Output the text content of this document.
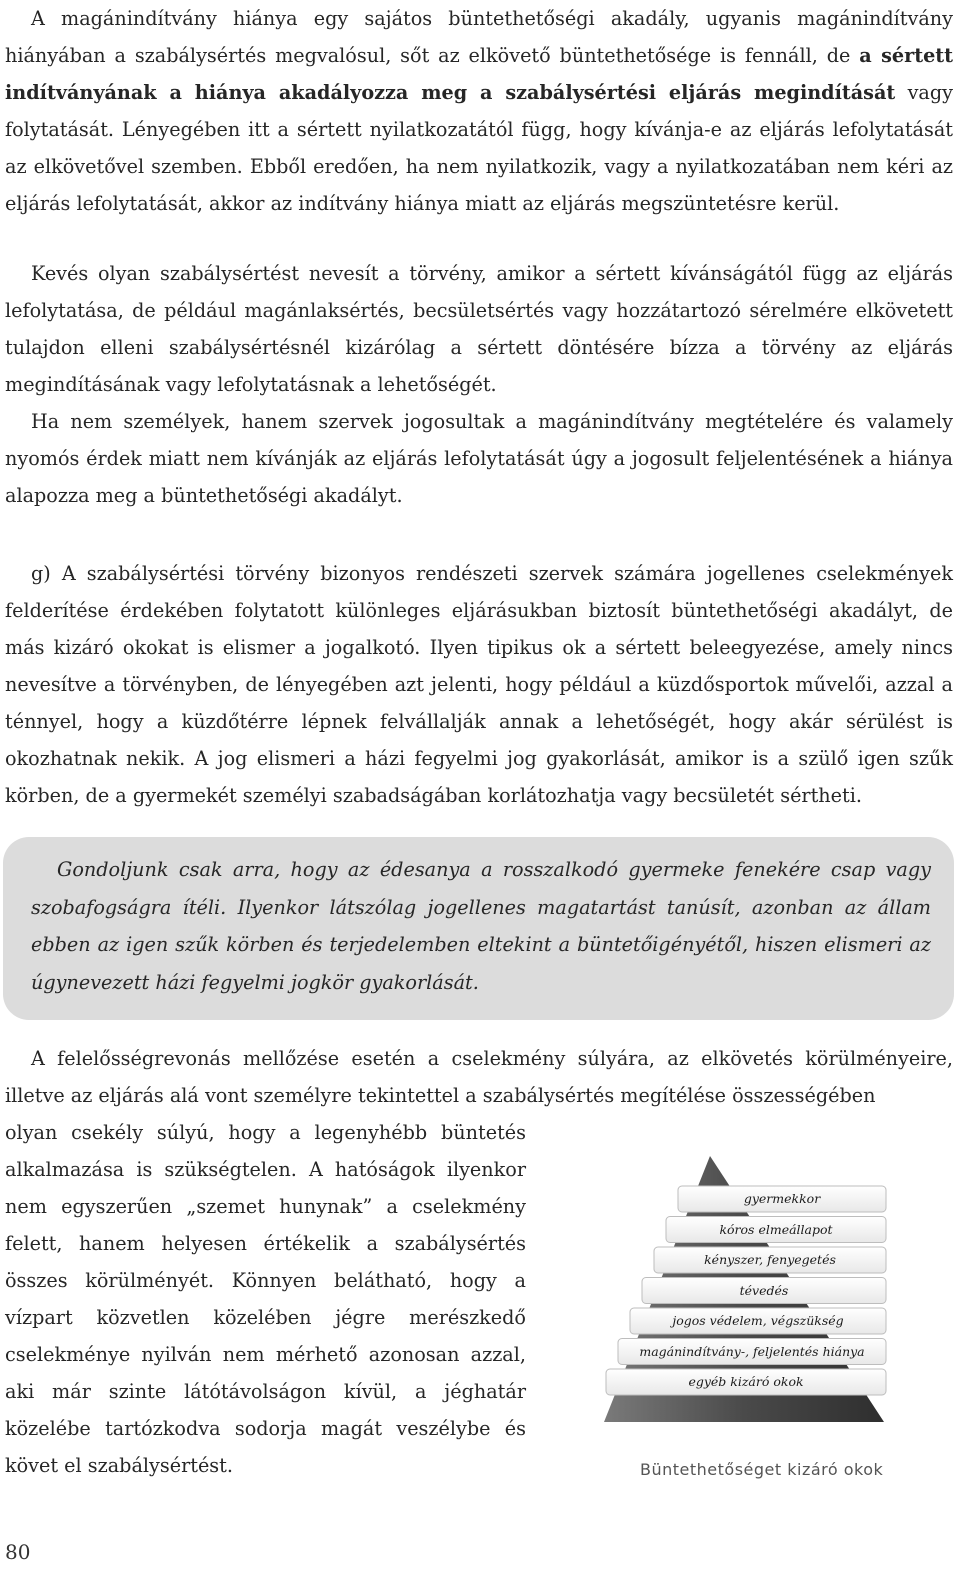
A magánindítvány hiánya egy sajátos büntethetőségi akadály, ugyanis magánindítvány hiányában a szabálysértés megvalósul, sőt az elkövető büntethetősége is fennáll, de a sértett indítványának a hiánya akadályozza meg a szabálysértési eljárás megindítását vagy folytatását. Lényegében itt a sértett nyilatkozatától függ, hogy kívánja-e az eljárás lefolytatását az elkövetővel szemben. Ebből eredően, ha nem nyilatkozik, vagy a nyilatkozatában nem kéri az eljárás lefolytatását, akkor az indítvány hiánya miatt az eljárás megszüntetésre kerül.

Kevés olyan szabálysértést nevesít a törvény, amikor a sértett kívánságától függ az eljárás lefolytatása, de például magánlaksértés, becsületsértés vagy hozzátartozó sérelmére elkövetett tulajdon elleni szabálysértésnél kizárólag a sértett döntésére bízza a törvény az eljárás megindításának vagy lefolytatásnak a lehetőségét.

Ha nem személyek, hanem szervek jogosultak a magánindítvány megtételére és valamely nyomós érdek miatt nem kívánják az eljárás lefolytatását úgy a jogosult feljelentésének a hiánya alapozza meg a büntethetőségi akadályt.

g) A szabálysértési törvény bizonyos rendészeti szervek számára jogellenes cselekmények felderítése érdekében folytatott különleges eljárásukban biztosít büntethetőségi akadályt, de más kizáró okokat is elismer a jogalkotó. Ilyen tipikus ok a sértett beleegyezése, amely nincs nevesítve a törvényben, de lényegében azt jelenti, hogy például a küzdősportok művelői, azzal a ténnyel, hogy a küzdőtérre lépnek felvállalják annak a lehetőségét, hogy akár sérülést is okozhatnak nekik. A jog elismeri a házi fegyelmi jog gyakorlását, amikor is a szülő igen szűk körben, de a gyermekét személyi szabadságában korlátozhatja vagy becsületét sértheti.

Gondoljunk csak arra, hogy az édesanya a rosszalkodó gyermeke fenekére csap vagy szobafogságra ítéli. Ilyenkor látszólag jogellenes magatartást tanúsít, azonban az állam ebben az igen szűk körben és terjedelemben eltekint a büntetőigényétől, hiszen elismeri az úgynevezett házi fegyelmi jogkör gyakorlását.

A felelősségrevonás mellőzése esetén a cselekmény súlyára, az elkövetés körülményeire, illetve az eljárás alá vont személyre tekintettel a szabálysértés megítélése összességében

olyan csekély súlyú, hogy a legenyhébb büntetés alkalmazása is szükségtelen. A hatóságok ilyenkor nem egyszerűen „szemet hunynak” a cselekmény felett, hanem helyesen értékelik a szabálysértés összes körülményét. Könnyen belátható, hogy a vízpart közvetlen közelében jégre merészkedő cselekménye nyilván nem mérhető azonosan azzal, aki már szinte látótávolságon kívül, a jéghatár közelébe tartózkodva sodorja magát veszélybe és követ el szabálysértést.

gyermekkor
kóros elmeállapot
kényszer, fenyegetés
tévedés
jogos védelem, végszükség
magánindítvány-, feljelentés hiánya
egyéb kizáró okok
Büntethetőséget kizáró okok
80
